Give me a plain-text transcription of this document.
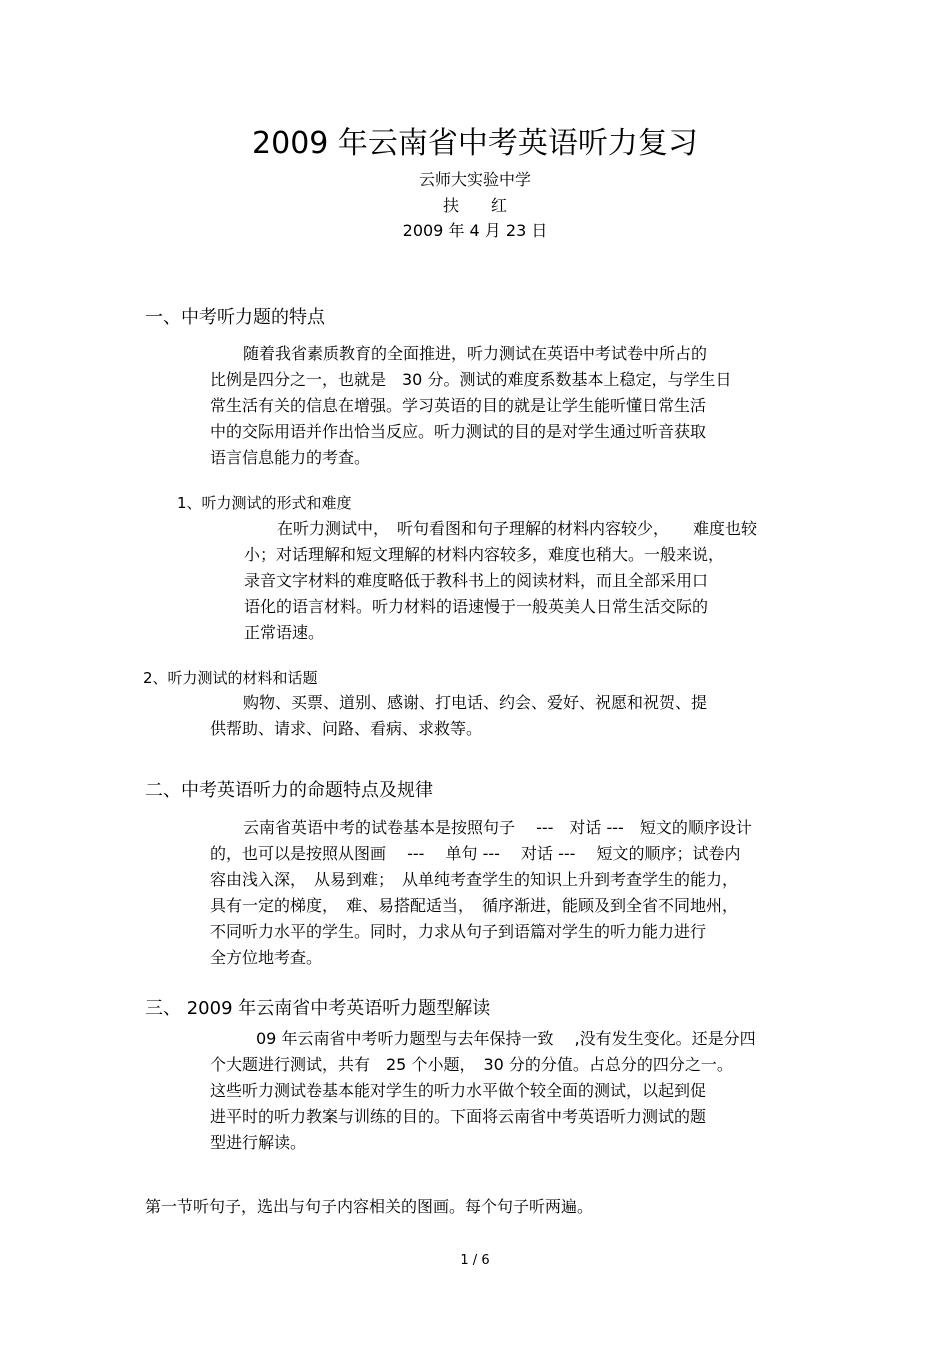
2009 年云南省中考英语听力复习
云师大实验中学
扶　　红
2009 年 4 月 23 日
一、中考听力题的特点
随着我省素质教育的全面推进，听力测试在英语中考试卷中所占的
比例是四分之一，也就是　30 分。测试的难度系数基本上稳定，与学生日
常生活有关的信息在增强。学习英语的目的就是让学生能听懂日常生活
中的交际用语并作出恰当反应。听力测试的目的是对学生通过听音获取
语言信息能力的考查。
1、听力测试的形式和难度
在听力测试中，　听句看图和句子理解的材料内容较少，　　难度也较
小；对话理解和短文理解的材料内容较多，难度也稍大。一般来说，
录音文字材料的难度略低于教科书上的阅读材料，而且全部采用口
语化的语言材料。听力材料的语速慢于一般英美人日常生活交际的
正常语速。
2、听力测试的材料和话题
购物、买票、道别、感谢、打电话、约会、爱好、祝愿和祝贺、提
供帮助、请求、问路、看病、求救等。
二、中考英语听力的命题特点及规律
云南省英语中考的试卷基本是按照句子　 ---　对话 ---　短文的顺序设计
的，也可以是按照从图画　 ---　 单句 ---　 对话 ---　 短文的顺序；试卷内
容由浅入深，　从易到难；　从单纯考查学生的知识上升到考查学生的能力，
具有一定的梯度，　难、易搭配适当，　循序渐进，能顾及到全省不同地州，
不同听力水平的学生。同时，力求从句子到语篇对学生的听力能力进行
全方位地考查。
三、 2009 年云南省中考英语听力题型解读
09 年云南省中考听力题型与去年保持一致　 ,没有发生变化。还是分四
个大题进行测试，共有　25 个小题，　30 分的分值。占总分的四分之一。
这些听力测试卷基本能对学生的听力水平做个较全面的测试，以起到促
进平时的听力教案与训练的目的。下面将云南省中考英语听力测试的题
型进行解读。
第一节听句子，选出与句子内容相关的图画。每个句子听两遍。
1 / 6
